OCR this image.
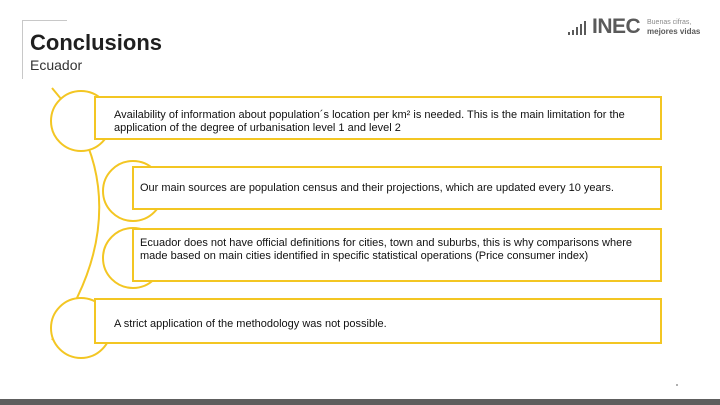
Conclusions
Ecuador
INEC Buenas cifras,
mejores vidas
Availability of information about population´s location per km² is needed. This is the main limitation for the application of the degree of urbanisation level 1 and level 2
Our main sources are population census and their projections, which are updated every 10 years.
Ecuador does not have official definitions for cities, town and suburbs, this is why comparisons where made based on main cities identified in specific statistical operations (Price consumer index)
A strict application of the methodology was not possible.
